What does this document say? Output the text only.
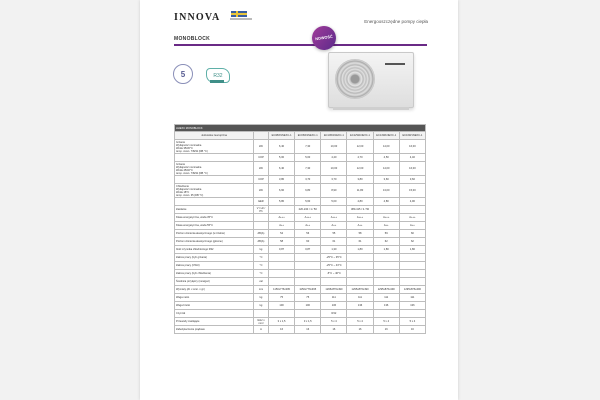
INNOVA	Energooszczędne pompy ciepła
MONOBLOCK	NOWOŚĆ
5	R32
HHEXC MONOBLOCK							
Jednostka zewnętrzna		EC08W1NEXC-1	EC06W1NEXC-1	EC10W1NEXC-1	EC12W1NEXC-1	EC14W1NEXC-1	EC16W1NEXC-1
Grzanie
Wydajność nominalna
Woda 35/30°C
temp. zewn. 7/6kW (DB °C)	kW	6,40	7,30	10,00	12,00	14,00	16,00
	COP	5,00	5,00	4,40	4,70	4,50	4,40
Grzanie
Wydajność nominalna
Woda 45/40°C
temp. zewn. 7/6kW (DB °C)	kW	6,40	7,30	10,00	12,00	14,00	16,00
	COP	3,80	3,70	3,70	3,80	3,60	3,60
Chłodzenie
Wydajność nominalna
Woda 18°C
temp. zewn. 35 (DB °C)	kW	6,60	6,80	8,90	11,80	13,00	15,00
	EER	5,80	5,60	5,00	4,80	4,80	4,90
Zasilanie	V / Hz / Ph		220-240 / 1 / 50		380-415 / 3 / 50		
Klasa energetyczna, woda 35°C		A+++	A+++	A+++	A+++	A+++	A+++
Klasa energetyczna, woda 55°C		A++	A++	A++	A++	A++	A++
Poziom ciśnienia akustycznego (w trzebie)	dB(A)	54	56	55	58	59	60
Poziom ciśnienia akustycznego (głowne)	dB(A)	58	60	61	61	62	62
Ilość czynnika chłodniczego R32	kg	0,87	0,87	1,30	1,80	1,80	1,80
Zakres pracy (tryb grzania)	°C			-25°C ~ 35°C			
Zakres pracy (CWU)	°C			-25°C ~ 43°C			
Zakres pracy (tryb chłodzenia)	°C			-5°C ~ 46°C			
Średnica przyłączy (rura/gaz)	cal						
Wymiary (dł. x szer. x gł.)	mm	1150x776x395	1150x776x395	1295x876x490	1295x876x490	1295x876x490	1295x876x490
Waga netto	kg	75	75	111	111	111	111
Waga brutto	kg	100	100	136	136	136	136
Czynnik				R32			
Przewody zasilające	Ilość x mm²	3 x 1,5	3 x 1,5	5 x 4	5 x 4	5 x 4	5 x 4
Zabezpieczenie prądowe	A	16	16	16	16	16	16
